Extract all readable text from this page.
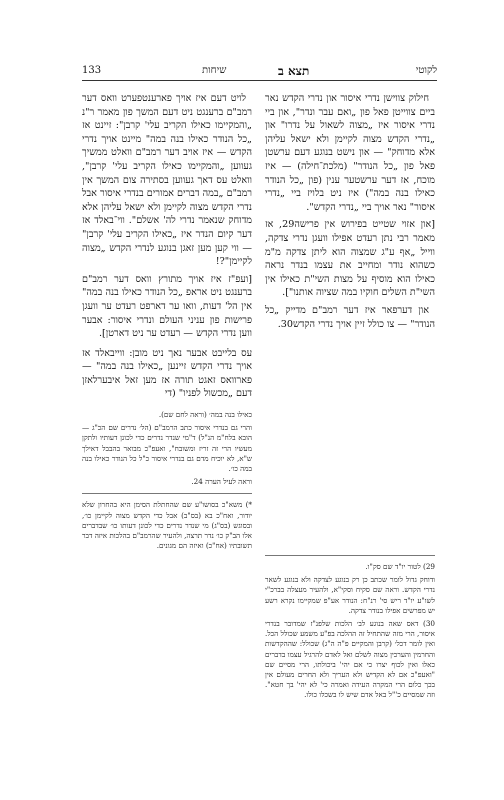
133	שיחות	תצא ב	לקוטי

חילוק צווישן נדרי איסור און נדרי הקדש נאר ביים צווייטן פאל פון „ואם עבר ונדר", און ביי נדרי איסור איז „מצוה לשאול על נדרו" און „נדרי הקדש מצוה לקיימן ולא ישאל עליהן אלא מדוחק" — און נישט בנוגע דעם ערשטן פאל פון „כל הנודר" (מלכת־חילה) — איז מוכח, אז דער ערשטער ענין (פון „כל הנודר כאילו בנה במה") איז ניט בלויז ביי „נדרי איסור" נאר אויך ביי „נדרי הקדש".

[און אזוי שטייט בפירוש אין פרישה29, אז מאמר רבי נתן רעדט אפילו וועגן נדרי צדקה, ווייל „אף ע"ג שמצוה הוא ליתן צדקה מ"מ כשהוא נודר ומחייב את עצמו בנדר נראה כאילו הוא מוסיף על מצות השי"ת כאילו אין השי"ת השלים חוקיו במה שציוה אותנו"].

און דערפאר איז דער רמב"ם מדייק „כל הנודר" — צו כולל זיין אויך נדרי הקדש30.

לויט דעם איז אויך פארענטפערט וואס דער רמב"ם ברענגט ניט דעם המשך פון מאמר ר"נ „והמקיימו כאילו הקריב עלי' קרבן": זיינט אז „כל הנודר כאילו בנה במה" מיינט אויך נדרי הקדש — איז אויב דער רמב"ם וואלט ממשיך געווען „והמקיימו כאילו הקריב עלי' קרבן", וואלט עס דאך געווען בסתירה צום המשך אין רמב"ם „במה דברים אמורים בנדרי איסור אבל נדרי הקדש מצוה לקיימן ולא ישאל עליהן אלא מדוחק שנאמר נדרי לה' אשלם". ווי־באלד אז דער קיום הנדר איז „כאילו הקריב עלי' קרבן" — ווי קען מען זאגן בנוגע לנדרי הקדש „מצוה לקיימן"?!

[ועפ"ז איז אויך מתורץ וואס דער רמב"ם ברענגט ניט אראפ „כל הנודר כאילו בנה במה" אין הל' דעות, וואו ער דארפט רעדט ער וועגן פרישות פון עניני העולם ונדרי איסור: אבער ווען נדרי הקדש — רעדט ער ניט דארטן].

עס בלייבט אבער נאך ניט מובן: ווייבאלד אז אויך נדרי הקדש זיינען „כאילו בנה במה" — פארוואס זאגט תורה אז מען זאל איבערלאזן דעם „מכשול לפניו" (די

29) לטור יו"ד שם סק"ו.

ודוחק גדול לומר שכתב כן רק בנוגע לצדקה ולא בנוגע לשאר נדרי הקדש. וראה שם סקיח וסקי"א, ולהעיר מעצלה בברכ"י לשו"ע יו"ד ריש סי' רנ"ח: הנודר אע"פ שמקיימו נקרא רשע יש מפרשים אפילו בנודר צדקה.

30) דאס שאה בנוגע לב׳ הלכות שלפנ"ז שמדובר בנדרי איסור, הרי מזה שהתחיל זה ההלכה בפ"ע משמע שכולל הכל. ואין לומר דכל׳ (קרבן והמקיים פ"ה ה"ג) שכולל: שההקדשות והחרמין והערכין מצוה לשלם ואל לאדם להרגיל עצמו בדברים כאלו ואין לכוף יצרו כי אם יהי' ביכולתו, הרי מסיים שם "ואעפ"כ אם לא הקדיש ולא העריך ולא החרים מעולם אין בכך כלום הרי המקרה העידה ואמרה כי' לא יהי' בך חטא". וזה שמסיים כ'"ל באל אדם שיש לו בשכלו כולו.

כאילו בנה במה׳ (וראה לחם שם).

והרי גם בנדרי איסור כתב הרמב"ם (הל׳ נדרים שם הכ"ג — הובא בלח"מ הנ"ל) ד"מי שנדר נדרים כדי לכונן דעותיו ולתקן מעשיו הרי זה זריז ומשובח", ואעפ"כ מבואר בהבבל דאילך ש"א, לא יוכיח מדם גם בנדרי איסור כ"ל כל הנודר כאילו בנה במה כו׳.

וראה לעיל הערה 24.

*) משא"כ בסושו"ע שם שהחתלת הסימן היא בהחרון שלא יודור, ואח"כ בא (בס"ב) אבל כדי הקדש מצוה לקיימן כו׳, ובסוגש (בס"ג) מי שנדר נדרים כדי לכונן דעותו כו׳ שבדברים אלו הב"ק כו׳ נדר תרצה, ולהעיר שהרמב"ם בהלכות איזה דבר תשובתיו (אח"כ) ואיזה הם מגונים.
